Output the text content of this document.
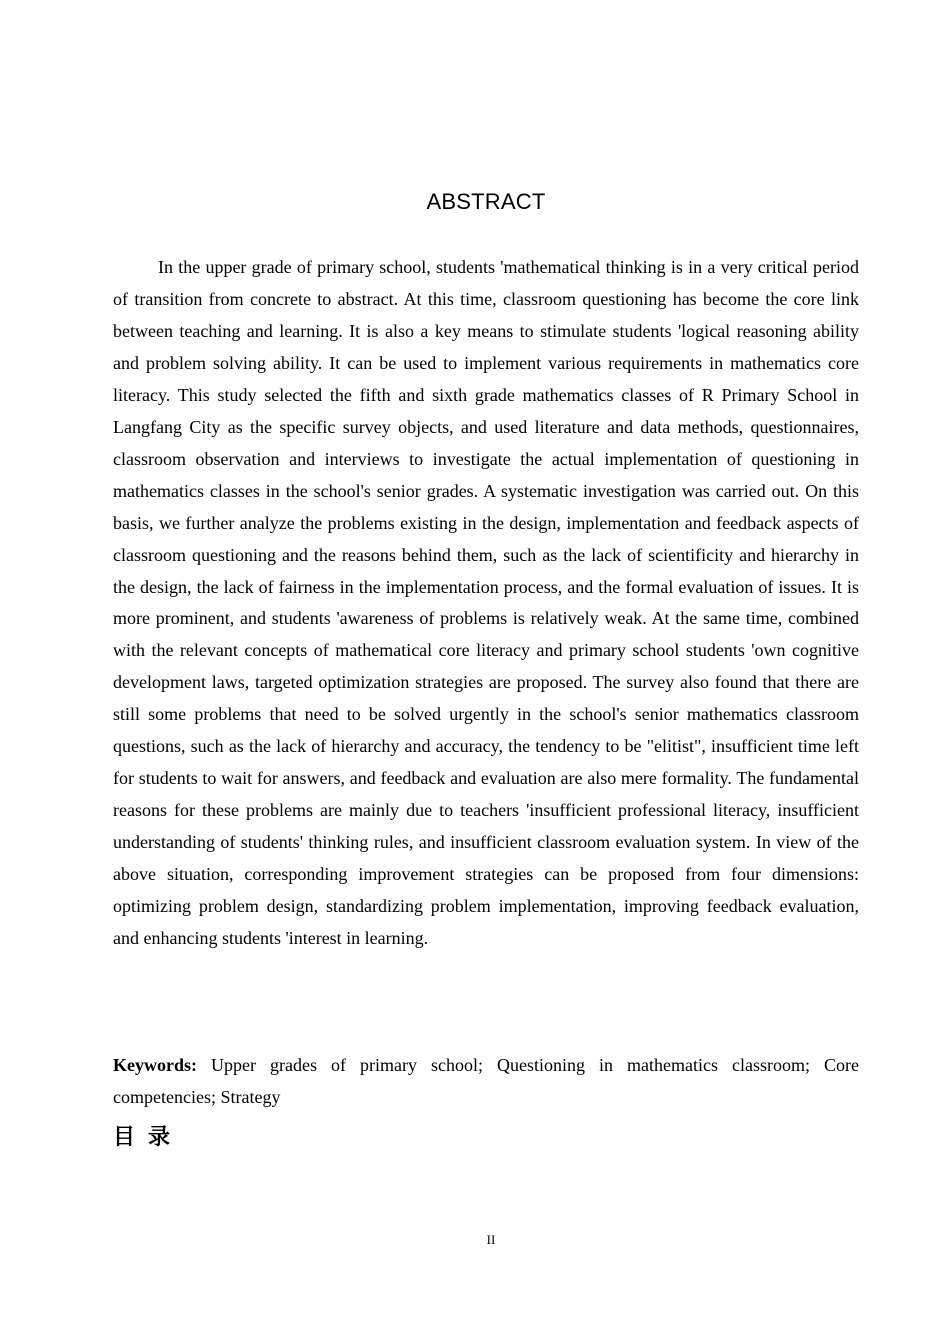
ABSTRACT

In the upper grade of primary school, students 'mathematical thinking is in a very critical period of transition from concrete to abstract. At this time, classroom questioning has become the core link between teaching and learning. It is also a key means to stimulate students 'logical reasoning ability and problem solving ability. It can be used to implement various requirements in mathematics core literacy. This study selected the fifth and sixth grade mathematics classes of R Primary School in Langfang City as the specific survey objects, and used literature and data methods, questionnaires, classroom observation and interviews to investigate the actual implementation of questioning in mathematics classes in the school's senior grades. A systematic investigation was carried out. On this basis, we further analyze the problems existing in the design, implementation and feedback aspects of classroom questioning and the reasons behind them, such as the lack of scientificity and hierarchy in the design, the lack of fairness in the implementation process, and the formal evaluation of issues. It is more prominent, and students 'awareness of problems is relatively weak. At the same time, combined with the relevant concepts of mathematical core literacy and primary school students 'own cognitive development laws, targeted optimization strategies are proposed. The survey also found that there are still some problems that need to be solved urgently in the school's senior mathematics classroom questions, such as the lack of hierarchy and accuracy, the tendency to be "elitist", insufficient time left for students to wait for answers, and feedback and evaluation are also mere formality. The fundamental reasons for these problems are mainly due to teachers 'insufficient professional literacy, insufficient understanding of students' thinking rules, and insufficient classroom evaluation system. In view of the above situation, corresponding improvement strategies can be proposed from four dimensions: optimizing problem design, standardizing problem implementation, improving feedback evaluation, and enhancing students 'interest in learning.

Keywords: Upper grades of primary school; Questioning in mathematics classroom; Core competencies; Strategy

目录
II
